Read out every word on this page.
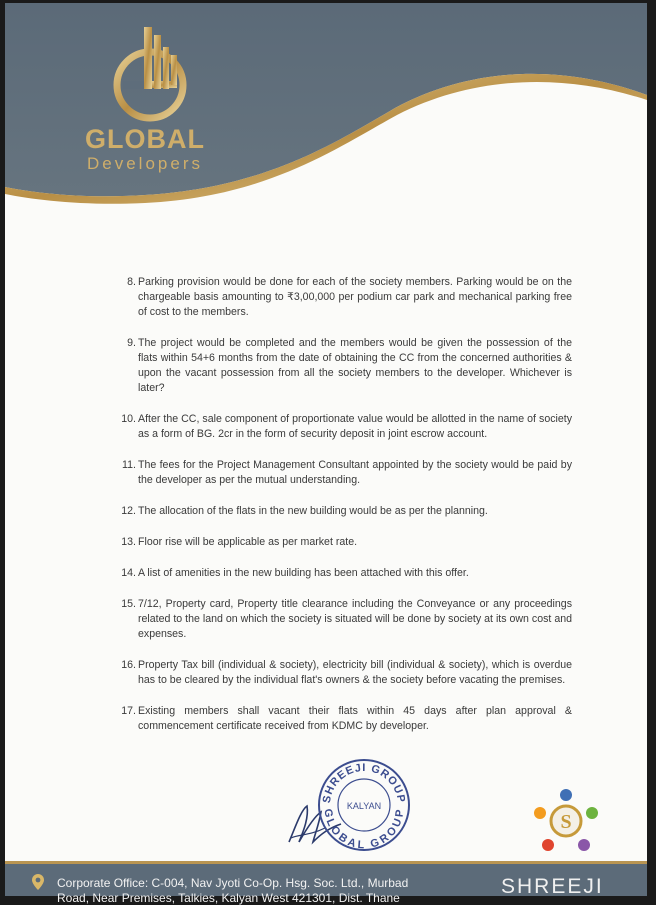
GLOBAL
Developers
8. Parking provision would be done for each of the society members. Parking would be on the chargeable basis amounting to ₹3,00,000 per podium car park and mechanical parking free of cost to the members.
9. The project would be completed and the members would be given the possession of the flats within 54+6 months from the date of obtaining the CC from the concerned authorities & upon the vacant possession from all the society members to the developer. Whichever is later?
10. After the CC, sale component of proportionate value would be allotted in the name of society as a form of BG. 2cr in the form of security deposit in joint escrow account.
11. The fees for the Project Management Consultant appointed by the society would be paid by the developer as per the mutual understanding.
12. The allocation of the flats in the new building would be as per the planning.
13. Floor rise will be applicable as per market rate.
14. A list of amenities in the new building has been attached with this offer.
15. 7/12, Property card, Property title clearance including the Conveyance or any proceedings related to the land on which the society is situated will be done by society at its own cost and expenses.
16. Property Tax bill (individual & society), electricity bill (individual & society), which is overdue has to be cleared by the individual flat's owners & the society before vacating the premises.
17. Existing members shall vacant their flats within 45 days after plan approval & commencement certificate received from KDMC by developer.
SHREEJI GROUP
GLOBAL GROUP
KALYAN
S
Corporate Office: C-004, Nav Jyoti Co-Op. Hsg. Soc. Ltd., Murbad
Road, Near Premises, Talkies, Kalyan West 421301, Dist. Thane	SHREEJI
